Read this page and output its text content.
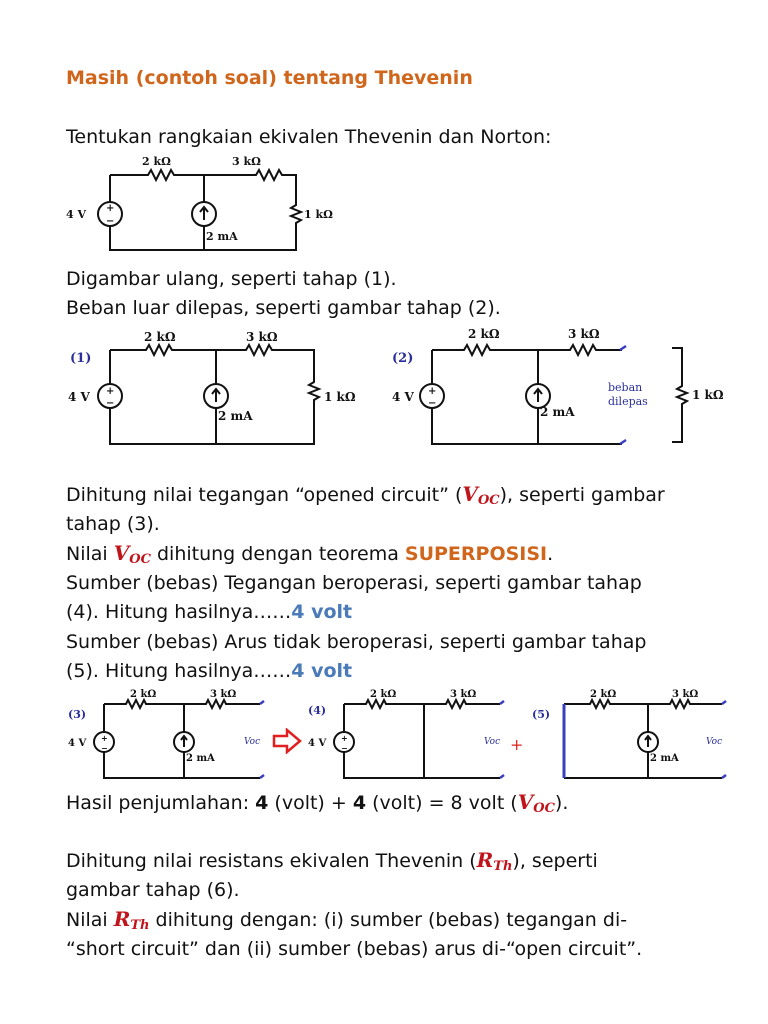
Masih (contoh soal) tentang Thevenin

Tentukan rangkaian ekivalen Thevenin dan Norton:

+
−
2 kΩ	3 kΩ
4 V
2 mA
1 kΩ

Digambar ulang, seperti tahap (1).

Beban luar dilepas, seperti gambar tahap (2).

+
−
(1)
2 kΩ	3 kΩ
4 V
2 mA
1 kΩ	+
−
(2)
2 kΩ	3 kΩ
4 V
2 mA
beban
dilepas	1 kΩ

Dihitung nilai tegangan “opened circuit” $(V_{OC})$, seperti gambar

tahap (3).

Nilai $V_{OC}$ dihitung dengan teorema SUPERPOSISI.

Sumber (bebas) Tegangan beroperasi, seperti gambar tahap

(4). Hitung hasilnya……4 volt

Sumber (bebas) Arus tidak beroperasi, seperti gambar tahap

(5). Hitung hasilnya……4 volt

+
−
(3)
2 kΩ	3 kΩ
4 V
2 mA
Voc	+
−
(4)
2 kΩ	3 kΩ
4 V	Voc +
(5)
2 kΩ	3 kΩ
2 mA
Voc

Hasil penjumlahan: 4 (volt) + 4 (volt) = 8 volt $(V_{OC})$.

Dihitung nilai resistans ekivalen Thevenin $(R_{Th})$, seperti

gambar tahap (6).

Nilai $R_{Th}$ dihitung dengan: (i) sumber (bebas) tegangan di-

“short circuit” dan (ii) sumber (bebas) arus di-“open circuit”.
